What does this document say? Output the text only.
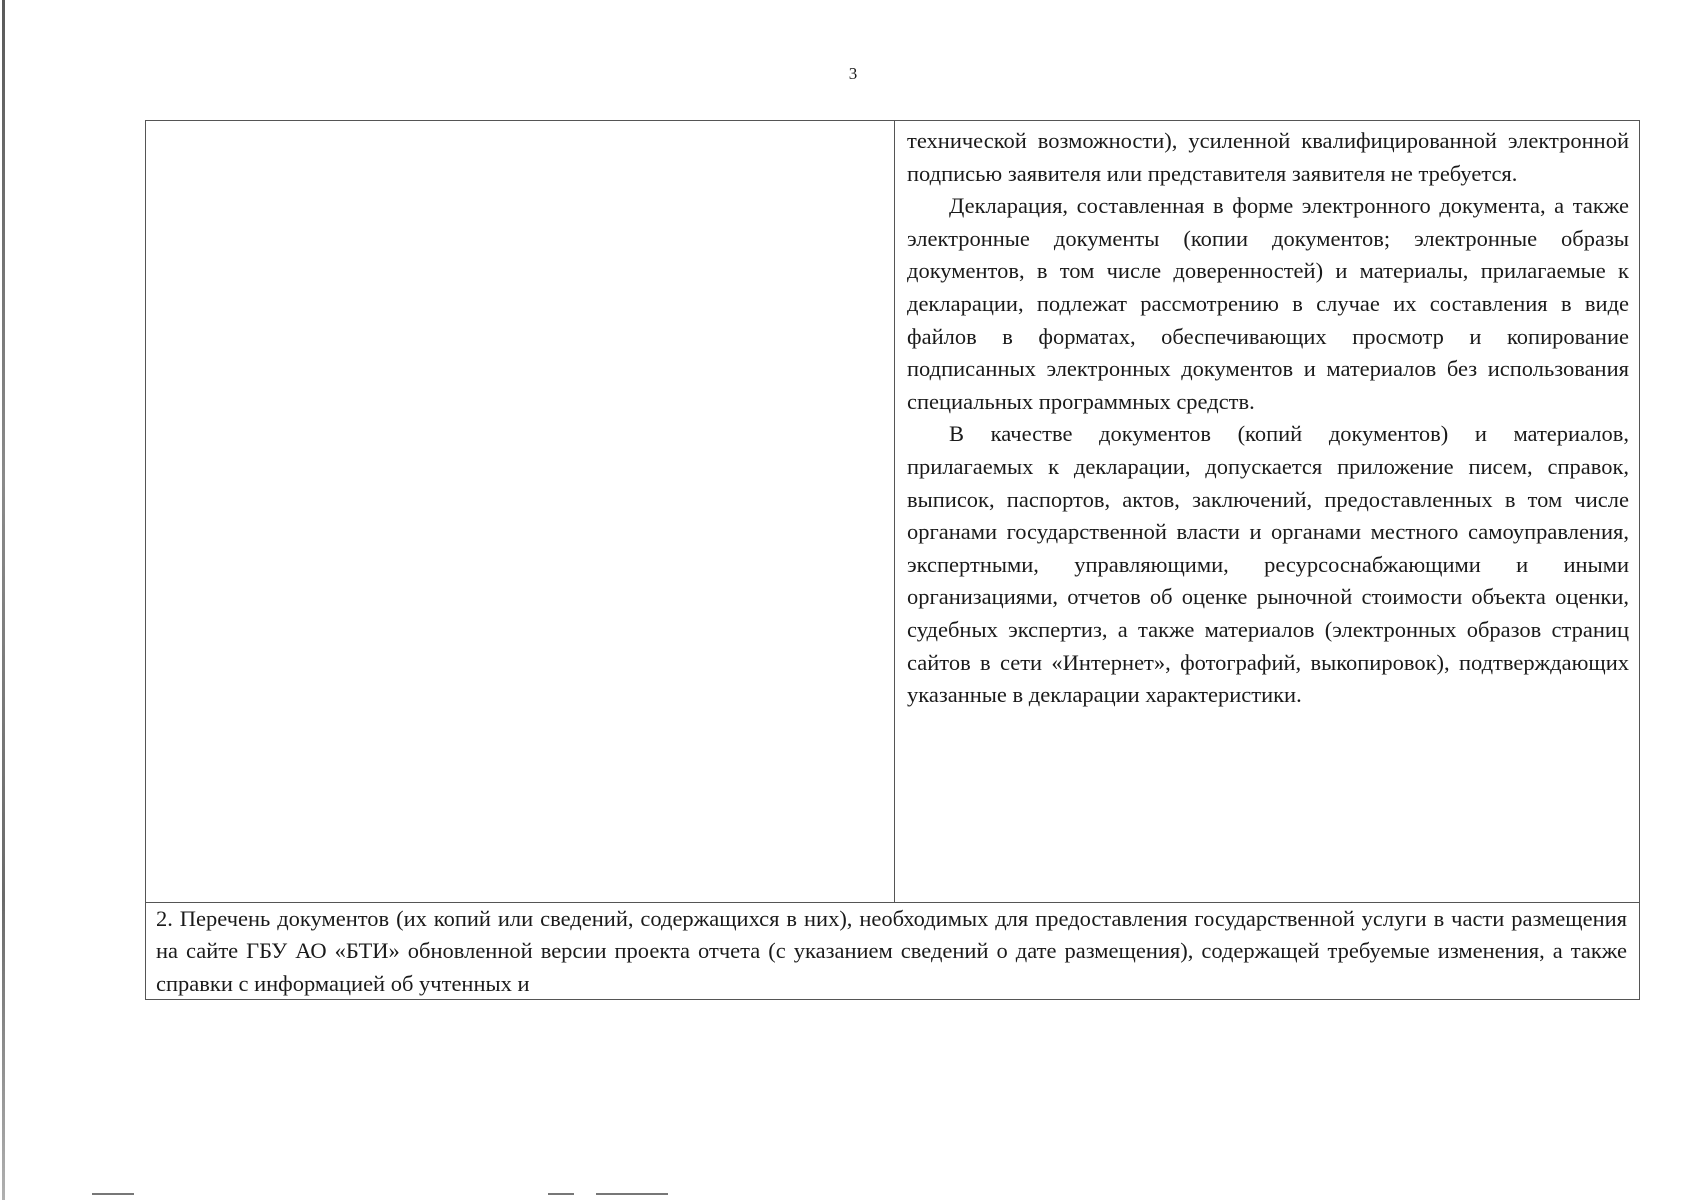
3

технической возможности), усиленной квалифицированной электронной подписью заявителя или представителя заявителя не требуется.

Декларация, составленная в форме электронного документа, а также электронные документы (копии документов; электронные образы документов, в том числе доверенностей) и материалы, прилагаемые к декларации, подлежат рассмотрению в случае их составления в виде файлов в форматах, обеспечивающих просмотр и копирование подписанных электронных документов и материалов без использования специальных программных средств.

В качестве документов (копий документов) и материалов, прилагаемых к декларации, допускается приложение писем, справок, выписок, паспортов, актов, заключений, предоставленных в том числе органами государственной власти и органами местного самоуправления, экспертными, управляющими, ресурсоснабжающими и иными организациями, отчетов об оценке рыночной стоимости объекта оценки, судебных экспертиз, а также материалов (электронных образов страниц сайтов в сети «Интернет», фотографий, выкопировок), подтверждающих указанные в декларации характеристики.

2. Перечень документов (их копий или сведений, содержащихся в них), необходимых для предоставления государственной услуги в части размещения на сайте ГБУ АО «БТИ» обновленной версии проекта отчета (с указанием сведений о дате размещения), содержащей требуемые изменения, а также справки с информацией об учтенных и
